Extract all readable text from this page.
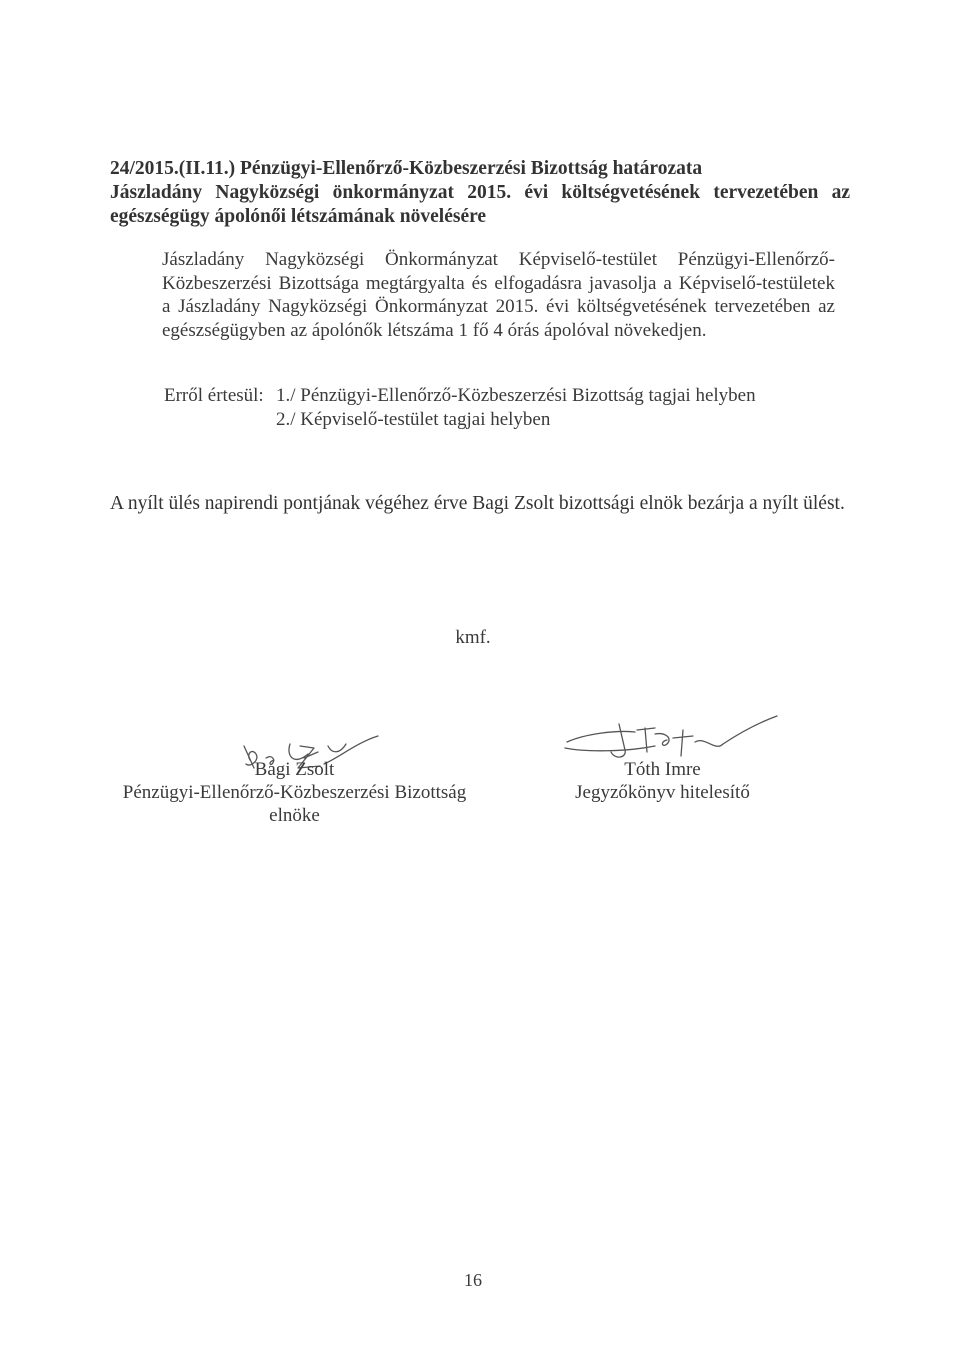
24/2015.(II.11.) Pénzügyi-Ellenőrző-Közbeszerzési Bizottság határozata
Jászladány Nagyközségi önkormányzat 2015. évi költségvetésének tervezetében az
egészségügy ápolónői létszámának növelésére
Jászladány Nagyközségi Önkormányzat Képviselő-testület Pénzügyi-Ellenőrző-
Közbeszerzési Bizottsága megtárgyalta és elfogadásra javasolja a Képviselő-testületek
a Jászladány Nagyközségi Önkormányzat 2015. évi költségvetésének tervezetében az
egészségügyben az ápolónők létszáma 1 fő 4 órás ápolóval növekedjen.
Erről értesül: 1./ Pénzügyi-Ellenőrző-Közbeszerzési Bizottság tagjai helyben
2./ Képviselő-testület tagjai helyben
A nyílt ülés napirendi pontjának végéhez érve Bagi Zsolt bizottsági elnök bezárja a nyílt ülést.
kmf.
Bagi Zsolt
Pénzügyi-Ellenőrző-Közbeszerzési Bizottság
elnöke
Tóth Imre
Jegyzőkönyv hitelesítő
16
